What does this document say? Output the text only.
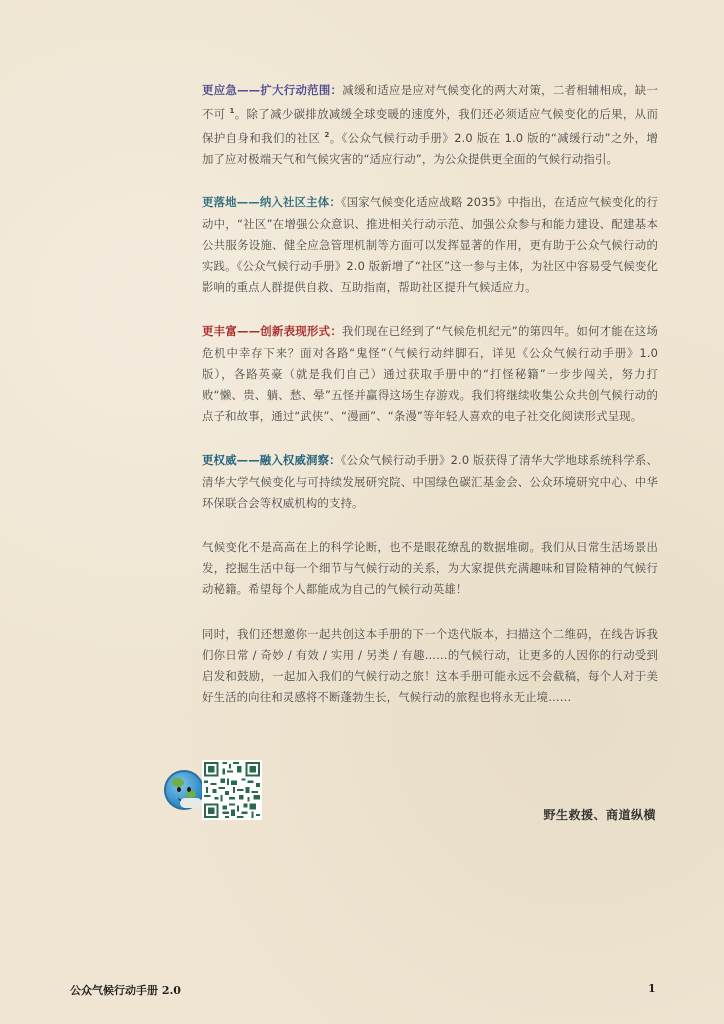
更应急——扩大行动范围：减缓和适应是应对气候变化的两大对策，二者相辅相成，缺一不可 $^1$。除了减少碳排放减缓全球变暖的速度外，我们还必须适应气候变化的后果，从而保护自身和我们的社区 $^2$。《公众气候行动手册》2.0 版在 1.0 版的“减缓行动”之外，增加了应对极端天气和气候灾害的“适应行动”，为公众提供更全面的气候行动指引。

更落地——纳入社区主体：《国家气候变化适应战略 2035》中指出，在适应气候变化的行动中，“社区”在增强公众意识、推进相关行动示范、加强公众参与和能力建设、配建基本公共服务设施、健全应急管理机制等方面可以发挥显著的作用，更有助于公众气候行动的实践。《公众气候行动手册》2.0 版新增了“社区”这一参与主体，为社区中容易受气候变化影响的重点人群提供自救、互助指南，帮助社区提升气候适应力。

更丰富——创新表现形式：我们现在已经到了“气候危机纪元”的第四年。如何才能在这场危机中幸存下来？面对各路“鬼怪”（气候行动绊脚石，详见《公众气候行动手册》1.0 版），各路英豪（就是我们自己）通过获取手册中的“打怪秘籍”一步步闯关，努力打败“懒、贵、躺、愁、晕”五怪并赢得这场生存游戏。我们将继续收集公众共创气候行动的点子和故事，通过“武侠”、“漫画”、“条漫”等年轻人喜欢的电子社交化阅读形式呈现。

更权威——融入权威洞察：《公众气候行动手册》2.0 版获得了清华大学地球系统科学系、清华大学气候变化与可持续发展研究院、中国绿色碳汇基金会、公众环境研究中心、中华环保联合会等权威机构的支持。

气候变化不是高高在上的科学论断，也不是眼花缭乱的数据堆砌。我们从日常生活场景出发，挖掘生活中每一个细节与气候行动的关系，为大家提供充满趣味和冒险精神的气候行动秘籍。希望每个人都能成为自己的气候行动英雄！

同时，我们还想邀你一起共创这本手册的下一个迭代版本，扫描这个二维码，在线告诉我们你日常 / 奇妙 / 有效 / 实用 / 另类 / 有趣……的气候行动，让更多的人因你的行动受到启发和鼓励，一起加入我们的气候行动之旅！这本手册可能永远不会截稿，每个人对于美好生活的向往和灵感将不断蓬勃生长，气候行动的旅程也将永无止境……

野生救援、商道纵横
公众气候行动手册 2.0	1
